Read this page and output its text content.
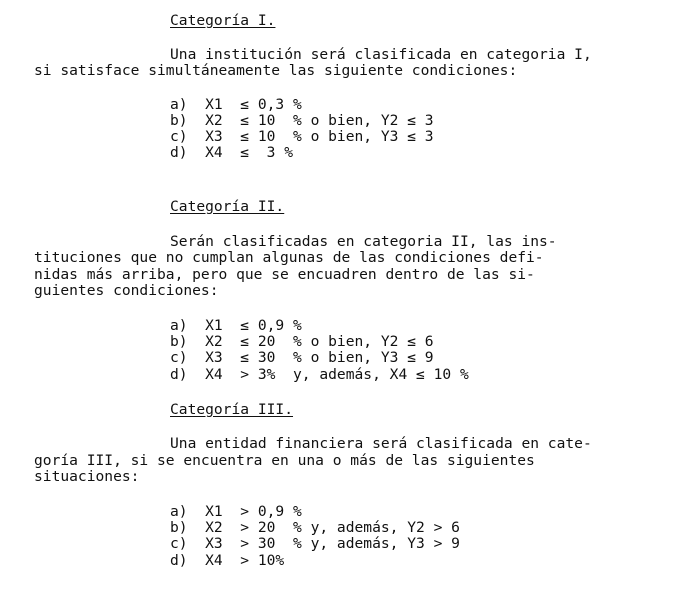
Categoría I.
Una institución será clasificada en categoria I,
si satisface simultáneamente las siguiente condiciones:
a)  X1  ≤ 0,3 %
b)  X2  ≤ 10  % o bien, Y2 ≤ 3
c)  X3  ≤ 10  % o bien, Y3 ≤ 3
d)  X4  ≤  3 %
Categoría II.
Serán clasificadas en categoria II, las ins-
tituciones que no cumplan algunas de las condiciones defi-
nidas más arriba, pero que se encuadren dentro de las si-
guientes condiciones:
a)  X1  ≤ 0,9 %
b)  X2  ≤ 20  % o bien, Y2 ≤ 6
c)  X3  ≤ 30  % o bien, Y3 ≤ 9
d)  X4  > 3%  y, además, X4 ≤ 10 %
Categoría III.
Una entidad financiera será clasificada en cate-
goría III, si se encuentra en una o más de las siguientes
situaciones:
a)  X1  > 0,9 %
b)  X2  > 20  % y, además, Y2 > 6
c)  X3  > 30  % y, además, Y3 > 9
d)  X4  > 10%
